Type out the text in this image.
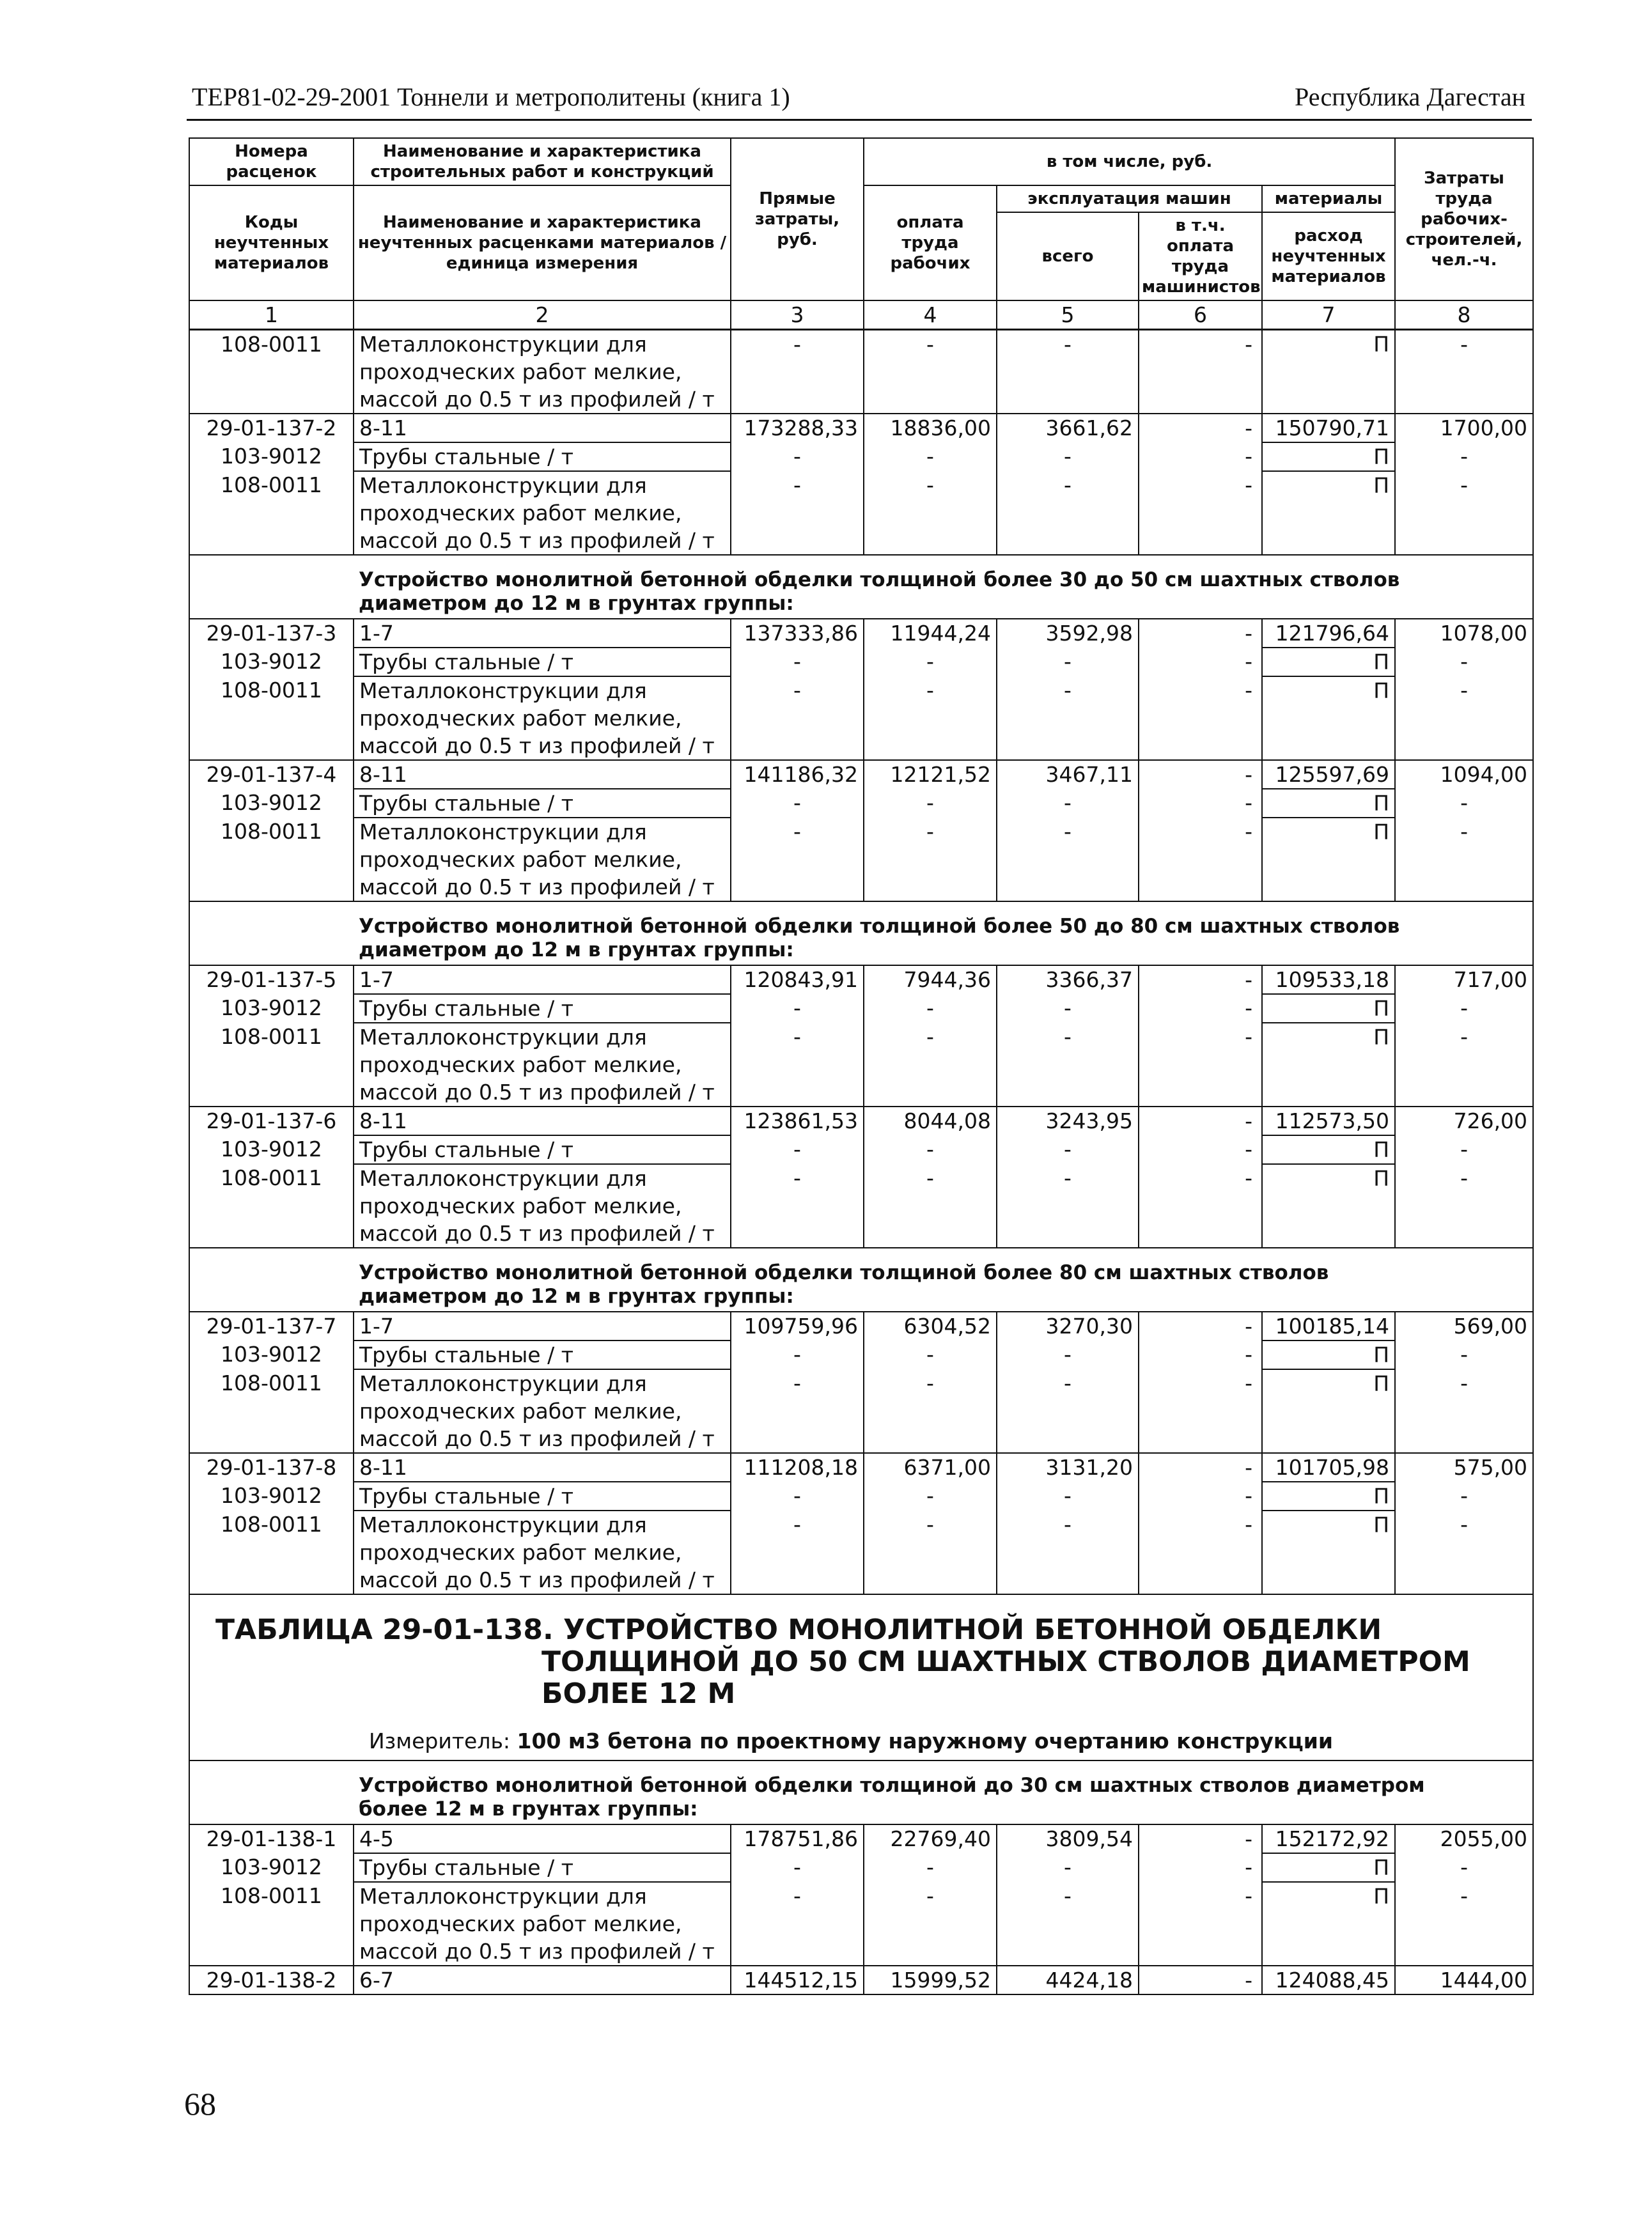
ТЕР81-02-29-2001 Тоннели и метрополитены (книга 1)	Республика Дагестан
Номера расценок	Наименование и характеристика строительных работ и конструкций	Прямые затраты, руб.	в том числе, руб.				Затраты труда рабочих-строителей, чел.-ч.
Коды неучтенных материалов	Наименование и характеристика неучтенных расценками материалов / единица измерения		оплата труда рабочих	эксплуатация машин		материалы	
				всего	в т.ч. оплата труда машинистов	расход неучтенных материалов	
1	2	3	4	5	6	7	8
108-0011	Металлоконструкции для проходческих работ мелкие, массой до 0.5 т из профилей / т	-	-	-	-	П	-
29-01-137-2	8-11	173288,33	18836,00	3661,62	-	150790,71	1700,00
103-9012	Трубы стальные / т	-	-	-	-	П	-
108-0011	Металлоконструкции для проходческих работ мелкие, массой до 0.5 т из профилей / т	-	-	-	-	П	-
	Устройство монолитной бетонной обделки толщиной более 30 до 50 см шахтных стволов диаметром до 12 м в грунтах группы:						
29-01-137-3	1-7	137333,86	11944,24	3592,98	-	121796,64	1078,00
103-9012	Трубы стальные / т	-	-	-	-	П	-
108-0011	Металлоконструкции для проходческих работ мелкие, массой до 0.5 т из профилей / т	-	-	-	-	П	-
29-01-137-4	8-11	141186,32	12121,52	3467,11	-	125597,69	1094,00
103-9012	Трубы стальные / т	-	-	-	-	П	-
108-0011	Металлоконструкции для проходческих работ мелкие, массой до 0.5 т из профилей / т	-	-	-	-	П	-
	Устройство монолитной бетонной обделки толщиной более 50 до 80 см шахтных стволов диаметром до 12 м в грунтах группы:						
29-01-137-5	1-7	120843,91	7944,36	3366,37	-	109533,18	717,00
103-9012	Трубы стальные / т	-	-	-	-	П	-
108-0011	Металлоконструкции для проходческих работ мелкие, массой до 0.5 т из профилей / т	-	-	-	-	П	-
29-01-137-6	8-11	123861,53	8044,08	3243,95	-	112573,50	726,00
103-9012	Трубы стальные / т	-	-	-	-	П	-
108-0011	Металлоконструкции для проходческих работ мелкие, массой до 0.5 т из профилей / т	-	-	-	-	П	-
	Устройство монолитной бетонной обделки толщиной более 80 см шахтных стволов диаметром до 12 м в грунтах группы:						
29-01-137-7	1-7	109759,96	6304,52	3270,30	-	100185,14	569,00
103-9012	Трубы стальные / т	-	-	-	-	П	-
108-0011	Металлоконструкции для проходческих работ мелкие, массой до 0.5 т из профилей / т	-	-	-	-	П	-
29-01-137-8	8-11	111208,18	6371,00	3131,20	-	101705,98	575,00
103-9012	Трубы стальные / т	-	-	-	-	П	-
108-0011	Металлоконструкции для проходческих работ мелкие, массой до 0.5 т из профилей / т	-	-	-	-	П	-

ТАБЛИЦА 29-01-138. УСТРОЙСТВО МОНОЛИТНОЙ БЕТОННОЙ ОБДЕЛКИ
ТОЛЩИНОЙ ДО 50 СМ ШАХТНЫХ СТВОЛОВ ДИАМЕТРОМ БОЛЕЕ 12 М
Измеритель: 100 м3 бетона по проектному наружному очертанию конструкции							

	Устройство монолитной бетонной обделки толщиной до 30 см шахтных стволов диаметром более 12 м в грунтах группы:						
29-01-138-1	4-5	178751,86	22769,40	3809,54	-	152172,92	2055,00
103-9012	Трубы стальные / т	-	-	-	-	П	-
108-0011	Металлоконструкции для проходческих работ мелкие, массой до 0.5 т из профилей / т	-	-	-	-	П	-
29-01-138-2	6-7	144512,15	15999,52	4424,18	-	124088,45	1444,00
68
